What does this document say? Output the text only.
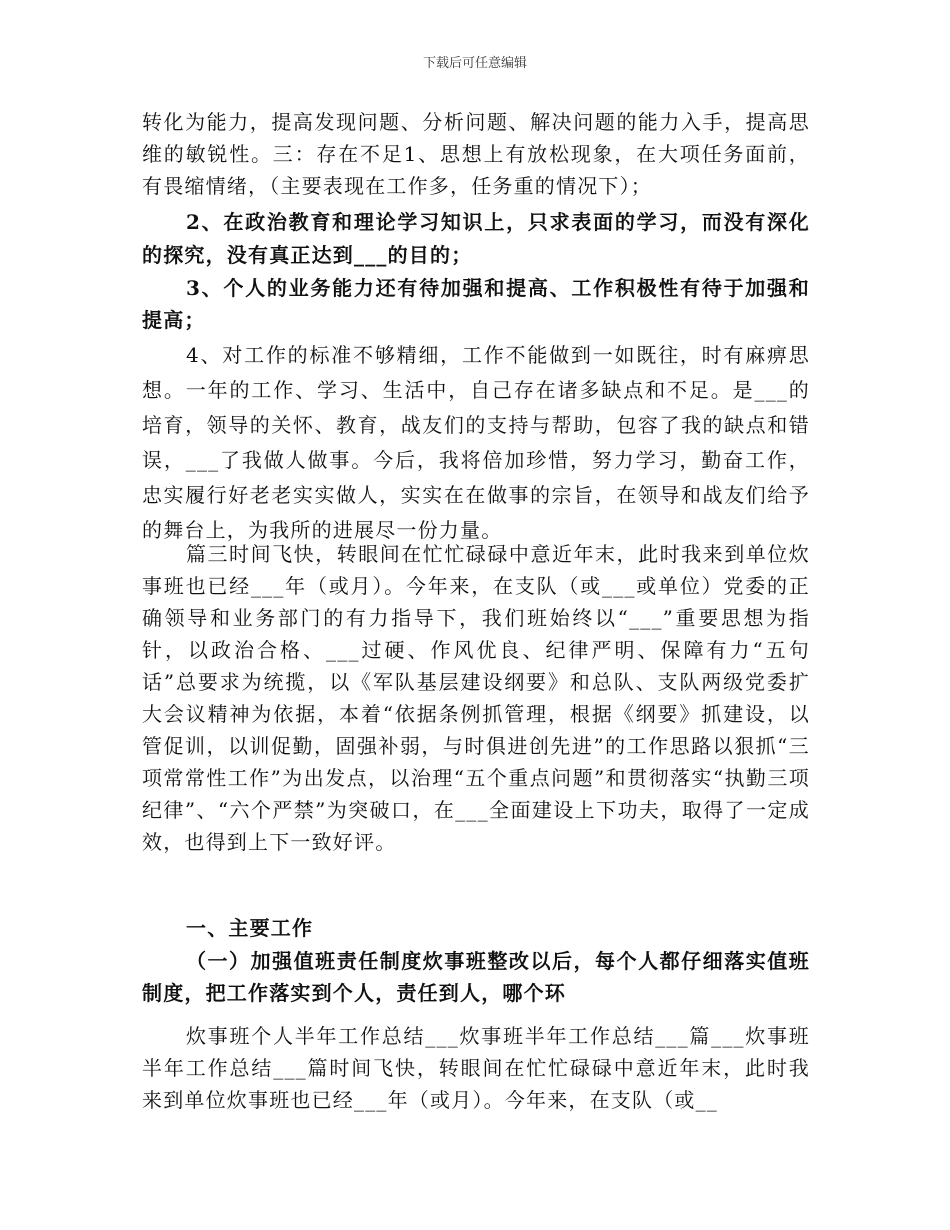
下载后可任意编辑

转化为能力，提高发现问题、分析问题、解决问题的能力入手，提高思维的敏锐性。三：存在不足1、思想上有放松现象，在大项任务面前，有畏缩情绪，（主要表现在工作多，任务重的情况下）；

2、在政治教育和理论学习知识上，只求表面的学习，而没有深化的探究，没有真正达到___的目的；

3、个人的业务能力还有待加强和提高、工作积极性有待于加强和提高；

4、对工作的标准不够精细，工作不能做到一如既往，时有麻痹思想。一年的工作、学习、生活中，自己存在诸多缺点和不足。是___的培育，领导的关怀、教育，战友们的支持与帮助，包容了我的缺点和错误，___了我做人做事。今后，我将倍加珍惜，努力学习，勤奋工作，忠实履行好老老实实做人，实实在在做事的宗旨，在领导和战友们给予的舞台上，为我所的进展尽一份力量。

篇三时间飞快，转眼间在忙忙碌碌中意近年末，此时我来到单位炊事班也已经___年（或月）。今年来，在支队（或___或单位）党委的正确领导和业务部门的有力指导下，我们班始终以“___”重要思想为指针，以政治合格、___过硬、作风优良、纪律严明、保障有力“五句话”总要求为统揽，以《军队基层建设纲要》和总队、支队两级党委扩大会议精神为依据，本着“依据条例抓管理，根据《纲要》抓建设，以管促训，以训促勤，固强补弱，与时俱进创先进”的工作思路以狠抓“三项常常性工作”为出发点，以治理“五个重点问题”和贯彻落实“执勤三项纪律”、“六个严禁”为突破口，在___全面建设上下功夫，取得了一定成效，也得到上下一致好评。

一、主要工作

（一）加强值班责任制度炊事班整改以后，每个人都仔细落实值班制度，把工作落实到个人，责任到人，哪个环

炊事班个人半年工作总结___炊事班半年工作总结___篇___炊事班半年工作总结___篇时间飞快，转眼间在忙忙碌碌中意近年末，此时我来到单位炊事班也已经___年（或月）。今年来，在支队（或__
